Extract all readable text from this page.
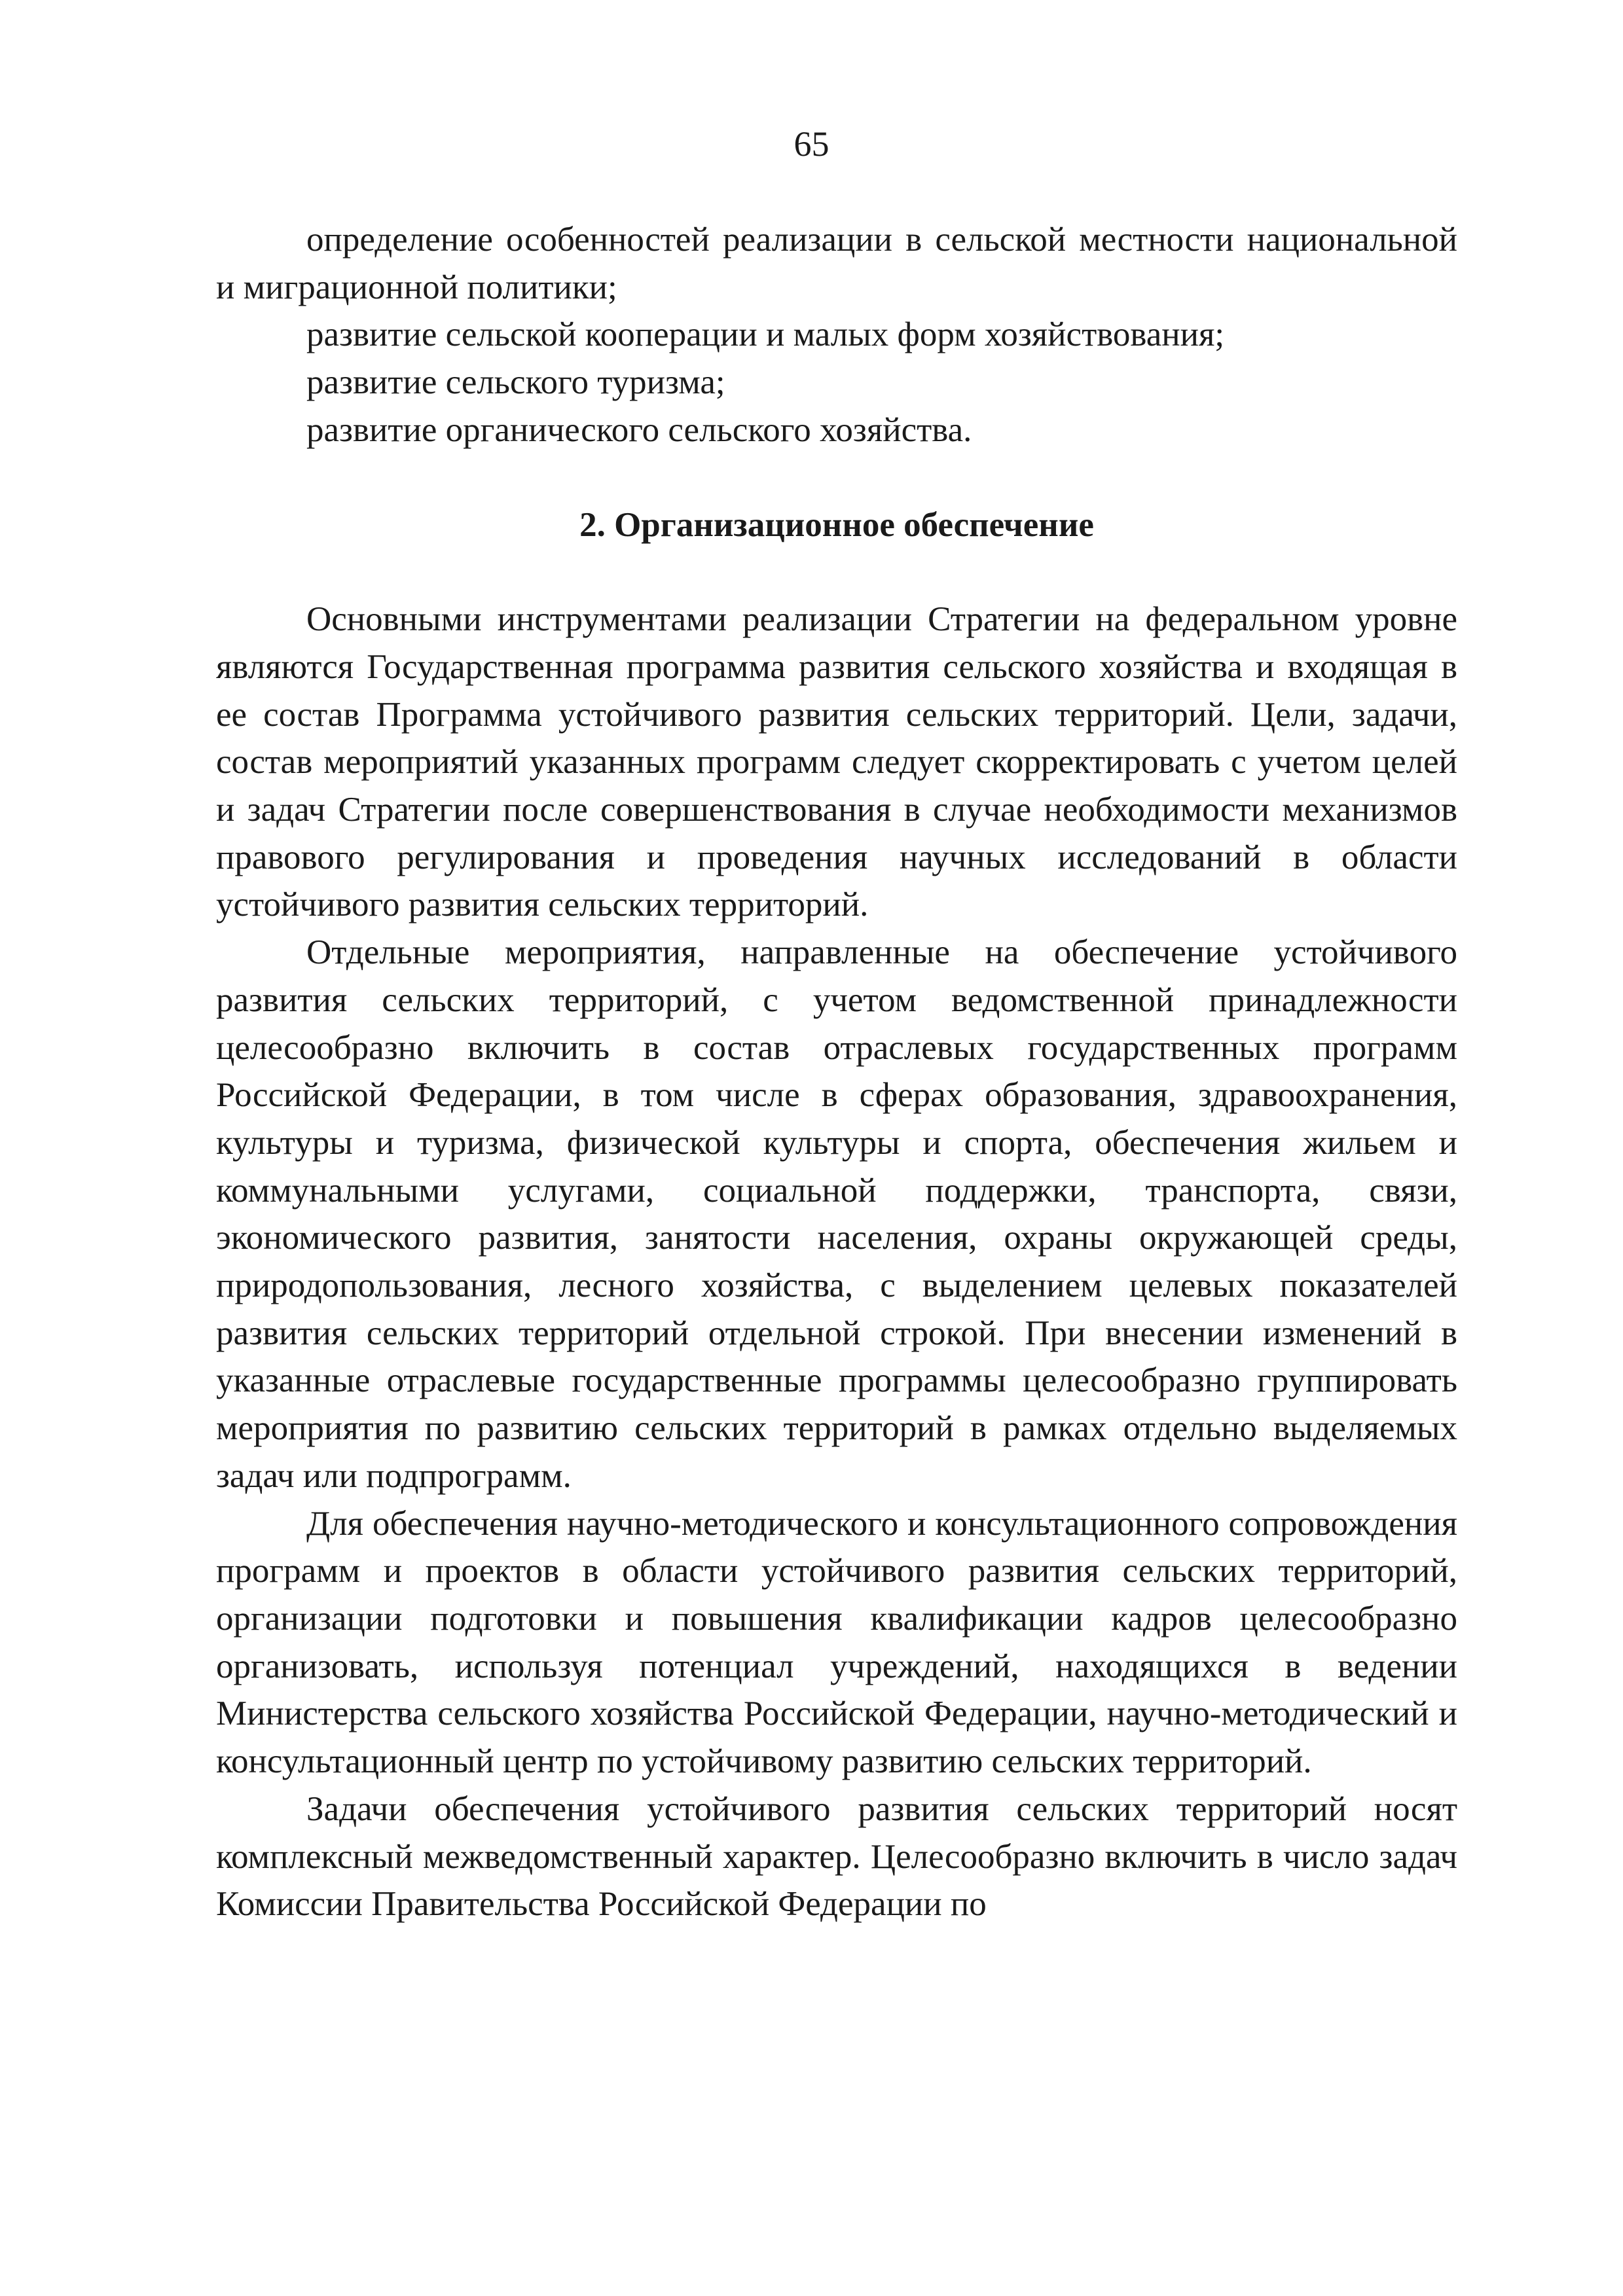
65

определение особенностей реализации в сельской местности национальной и миграционной политики;

развитие сельской кооперации и малых форм хозяйствования;

развитие сельского туризма;

развитие органического сельского хозяйства.

2. Организационное обеспечение

Основными инструментами реализации Стратегии на федеральном уровне являются Государственная программа развития сельского хозяйства и входящая в ее состав Программа устойчивого развития сельских территорий. Цели, задачи, состав мероприятий указанных программ следует скорректировать с учетом целей и задач Стратегии после совершенствования в случае необходимости механизмов правового регулирования и проведения научных исследований в области устойчивого развития сельских территорий.

Отдельные мероприятия, направленные на обеспечение устойчивого развития сельских территорий, с учетом ведомственной принадлежности целесообразно включить в состав отраслевых государственных программ Российской Федерации, в том числе в сферах образования, здравоохранения, культуры и туризма, физической культуры и спорта, обеспечения жильем и коммунальными услугами, социальной поддержки, транспорта, связи, экономического развития, занятости населения, охраны окружающей среды, природопользования, лесного хозяйства, с выделением целевых показателей развития сельских территорий отдельной строкой. При внесении изменений в указанные отраслевые государственные программы целесообразно группировать мероприятия по развитию сельских территорий в рамках отдельно выделяемых задач или подпрограмм.

Для обеспечения научно-методического и консультационного сопровождения программ и проектов в области устойчивого развития сельских территорий, организации подготовки и повышения квалификации кадров целесообразно организовать, используя потенциал учреждений, находящихся в ведении Министерства сельского хозяйства Российской Федерации, научно-методический и консультационный центр по устойчивому развитию сельских территорий.

Задачи обеспечения устойчивого развития сельских территорий носят комплексный межведомственный характер. Целесообразно включить в число задач Комиссии Правительства Российской Федерации по
